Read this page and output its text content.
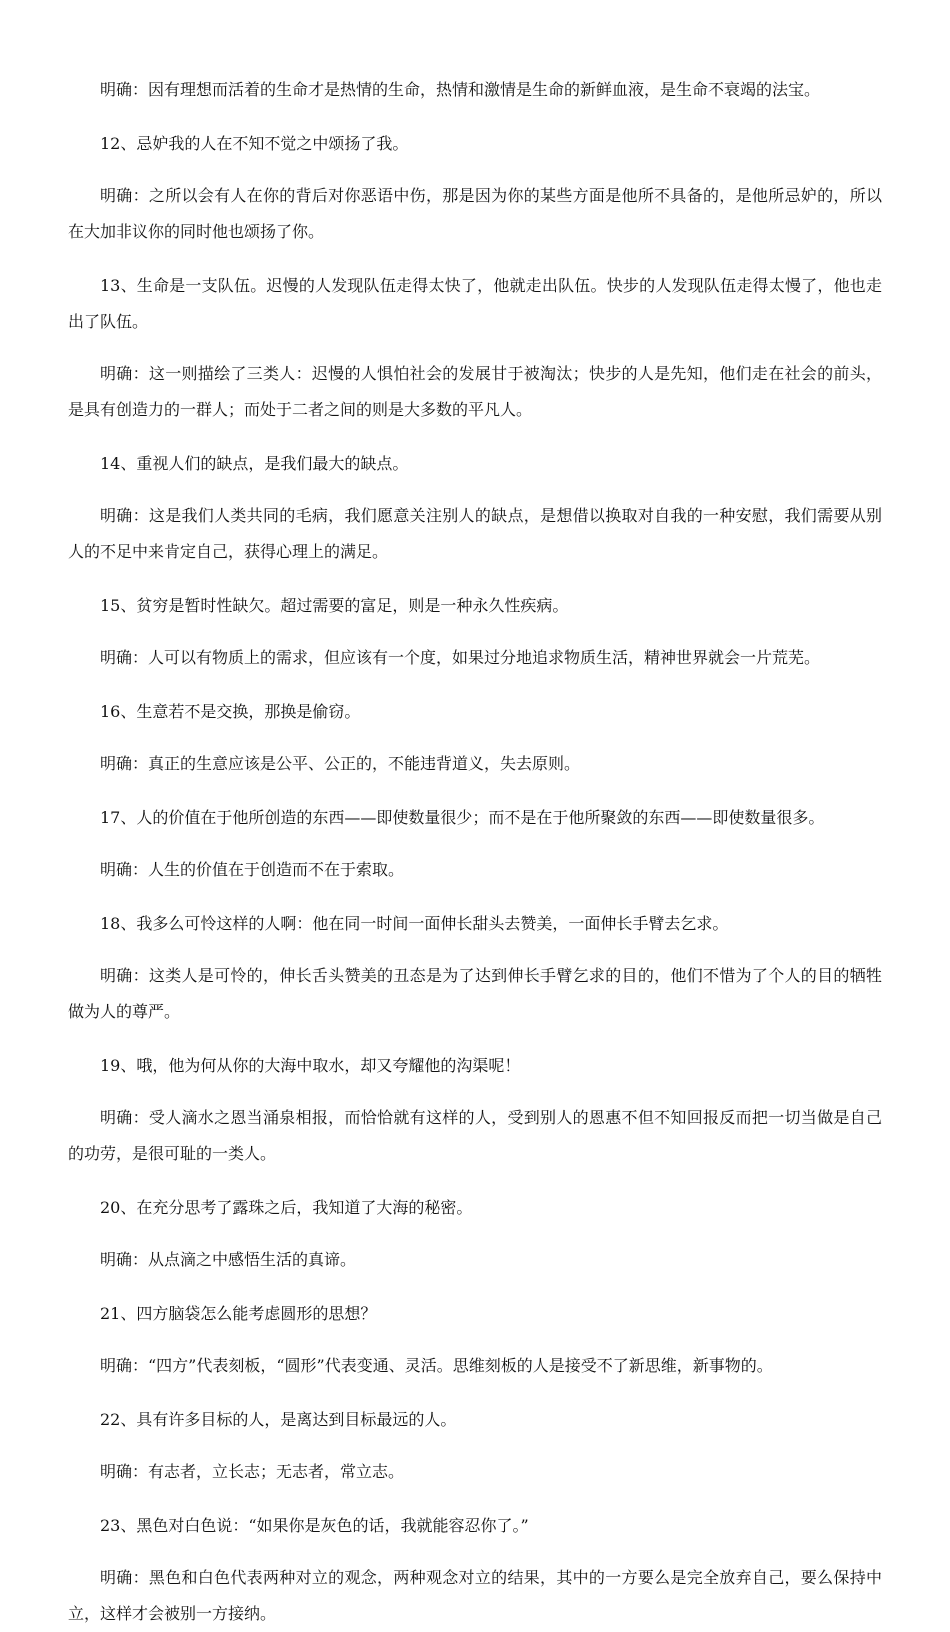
明确：因有理想而活着的生命才是热情的生命，热情和激情是生命的新鲜血液，是生命不衰竭的法宝。

12、忌妒我的人在不知不觉之中颂扬了我。

明确：之所以会有人在你的背后对你恶语中伤，那是因为你的某些方面是他所不具备的，是他所忌妒的，所以在大加非议你的同时他也颂扬了你。

13、生命是一支队伍。迟慢的人发现队伍走得太快了，他就走出队伍。快步的人发现队伍走得太慢了，他也走出了队伍。

明确：这一则描绘了三类人：迟慢的人惧怕社会的发展甘于被淘汰；快步的人是先知，他们走在社会的前头，是具有创造力的一群人；而处于二者之间的则是大多数的平凡人。

14、重视人们的缺点，是我们最大的缺点。

明确：这是我们人类共同的毛病，我们愿意关注别人的缺点，是想借以换取对自我的一种安慰，我们需要从别人的不足中来肯定自己，获得心理上的满足。

15、贫穷是暂时性缺欠。超过需要的富足，则是一种永久性疾病。

明确：人可以有物质上的需求，但应该有一个度，如果过分地追求物质生活，精神世界就会一片荒芜。

16、生意若不是交换，那换是偷窃。

明确：真正的生意应该是公平、公正的，不能违背道义，失去原则。

17、人的价值在于他所创造的东西——即使数量很少；而不是在于他所聚敛的东西——即使数量很多。

明确：人生的价值在于创造而不在于索取。

18、我多么可怜这样的人啊：他在同一时间一面伸长甜头去赞美，一面伸长手臂去乞求。

明确：这类人是可怜的，伸长舌头赞美的丑态是为了达到伸长手臂乞求的目的，他们不惜为了个人的目的牺牲做为人的尊严。

19、哦，他为何从你的大海中取水，却又夸耀他的沟渠呢！

明确：受人滴水之恩当涌泉相报，而恰恰就有这样的人，受到别人的恩惠不但不知回报反而把一切当做是自己的功劳，是很可耻的一类人。

20、在充分思考了露珠之后，我知道了大海的秘密。

明确：从点滴之中感悟生活的真谛。

21、四方脑袋怎么能考虑圆形的思想？

明确：“四方”代表刻板，“圆形”代表变通、灵活。思维刻板的人是接受不了新思维，新事物的。

22、具有许多目标的人，是离达到目标最远的人。

明确：有志者，立长志；无志者，常立志。

23、黑色对白色说：“如果你是灰色的话，我就能容忍你了。”

明确：黑色和白色代表两种对立的观念，两种观念对立的结果，其中的一方要么是完全放弃自己，要么保持中立，这样才会被别一方接纳。
